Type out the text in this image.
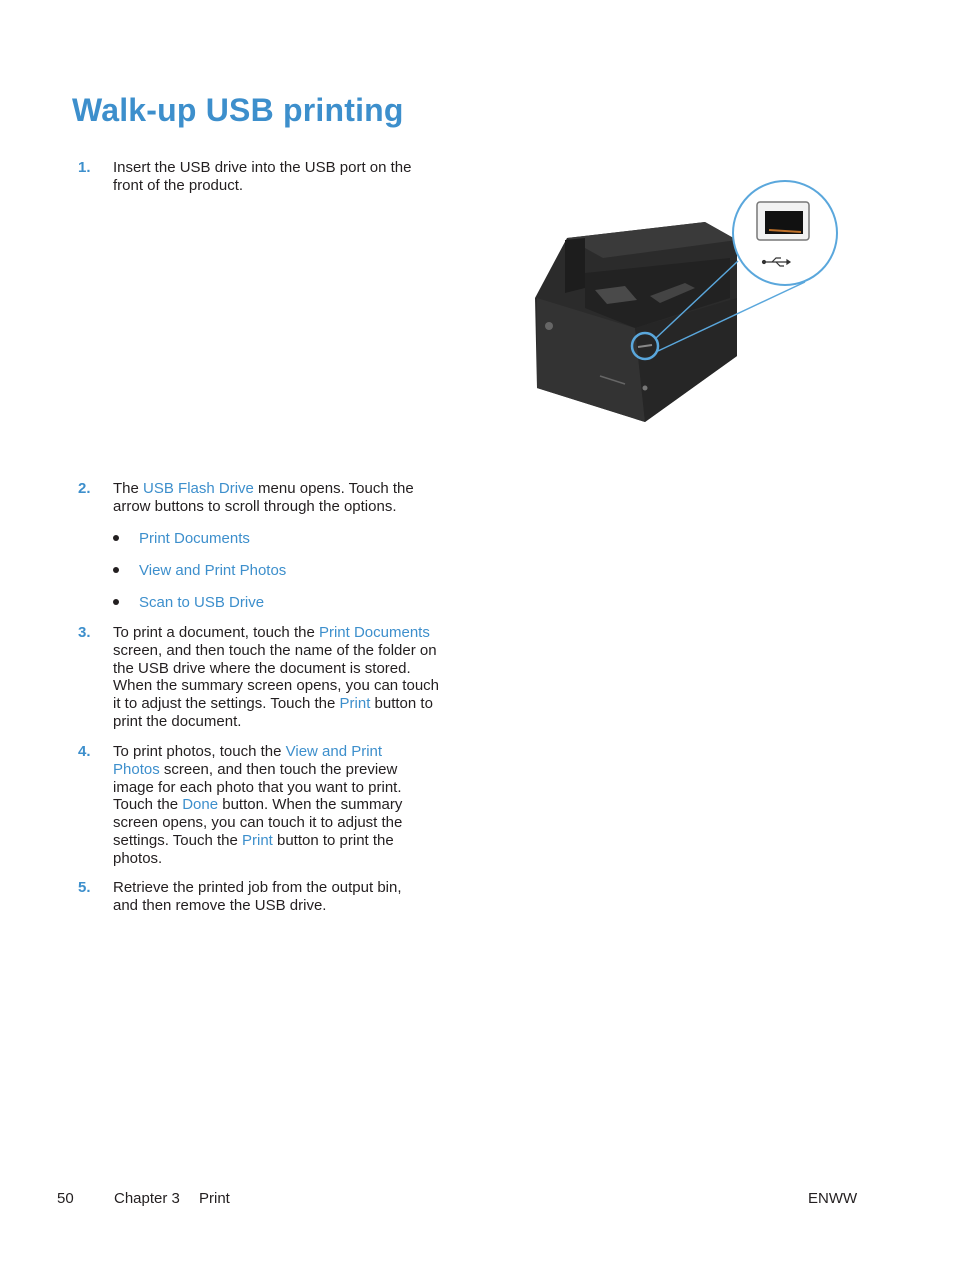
Walk-up USB printing
1. Insert the USB drive into the USB port on the front of the product.
2. The USB Flash Drive menu opens. Touch the arrow buttons to scroll through the options.
Print Documents
View and Print Photos
Scan to USB Drive
3. To print a document, touch the Print Documents screen, and then touch the name of the folder on the USB drive where the document is stored. When the summary screen opens, you can touch it to adjust the settings. Touch the Print button to print the document.
4. To print photos, touch the View and Print Photos screen, and then touch the preview image for each photo that you want to print. Touch the Done button. When the summary screen opens, you can touch it to adjust the settings. Touch the Print button to print the photos.
5. Retrieve the printed job from the output bin, and then remove the USB drive.
50	Chapter 3 Print	ENWW
